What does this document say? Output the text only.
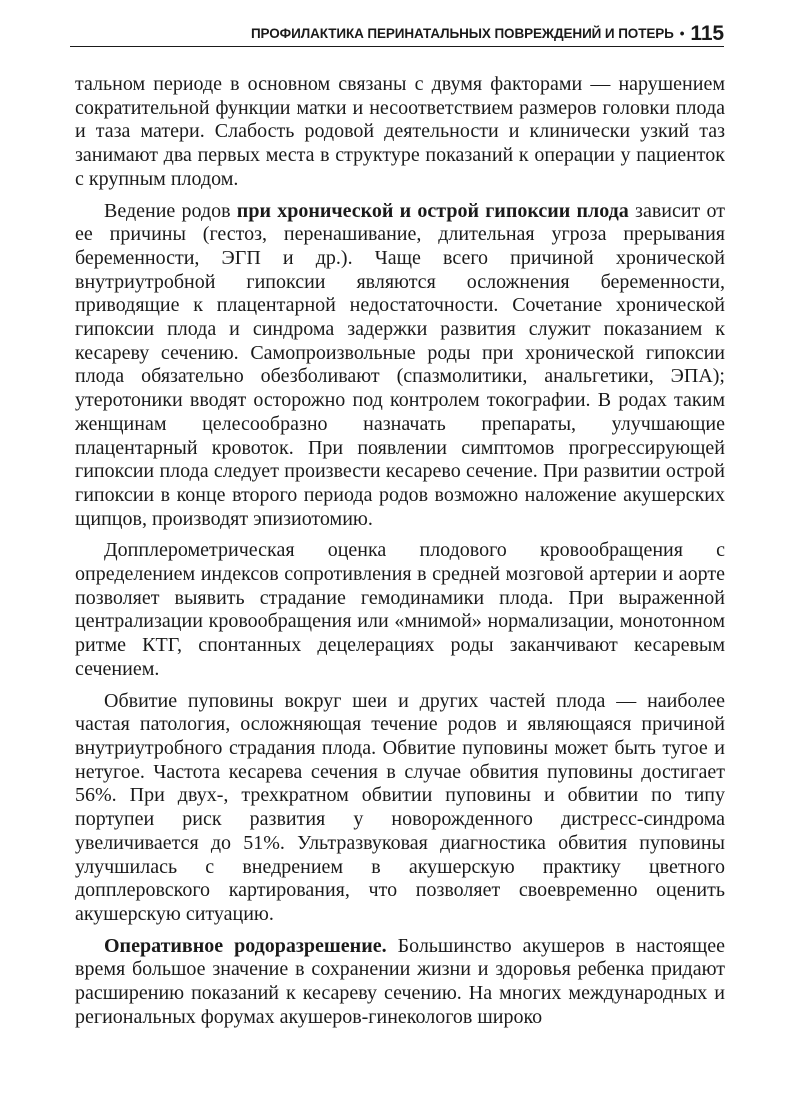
ПРОФИЛАКТИКА ПЕРИНАТАЛЬНЫХ ПОВРЕЖДЕНИЙ И ПОТЕРЬ • 115

тальном периоде в основном связаны с двумя факторами — нарушением сократительной функции матки и несоответствием размеров головки плода и таза матери. Слабость родовой деятельности и клинически узкий таз занимают два первых места в структуре показаний к операции у пациенток с крупным плодом.

Ведение родов при хронической и острой гипоксии плода зависит от ее причины (гестоз, перенашивание, длительная угроза прерывания беременности, ЭГП и др.). Чаще всего причиной хронической внутриутробной гипоксии являются осложнения беременности, приводящие к плацентарной недостаточности. Сочетание хронической гипоксии плода и синдрома задержки развития служит показанием к кесареву сечению. Самопроизвольные роды при хронической гипоксии плода обязательно обезболивают (спазмолитики, анальгетики, ЭПА); утеротоники вводят осторожно под контролем токографии. В родах таким женщинам целесообразно назначать препараты, улучшающие плацентарный кровоток. При появлении симптомов прогрессирующей гипоксии плода следует произвести кесарево сечение. При развитии острой гипоксии в конце второго периода родов возможно наложение акушерских щипцов, производят эпизиотомию.

Допплерометрическая оценка плодового кровообращения с определением индексов сопротивления в средней мозговой артерии и аорте позволяет выявить страдание гемодинамики плода. При выраженной централизации кровообращения или «мнимой» нормализации, монотонном ритме КТГ, спонтанных децелерациях роды заканчивают кесаревым сечением.

Обвитие пуповины вокруг шеи и других частей плода — наиболее частая патология, осложняющая течение родов и являющаяся причиной внутриутробного страдания плода. Обвитие пуповины может быть тугое и нетугое. Частота кесарева сечения в случае обвития пуповины достигает 56%. При двух-, трехкратном обвитии пуповины и обвитии по типу портупеи риск развития у новорожденного дистресс-синдрома увеличивается до 51%. Ультразвуковая диагностика обвития пуповины улучшилась с внедрением в акушерскую практику цветного допплеровского картирования, что позволяет своевременно оценить акушерскую ситуацию.

Оперативное родоразрешение. Большинство акушеров в настоящее время большое значение в сохранении жизни и здоровья ребенка придают расширению показаний к кесареву сечению. На многих международных и региональных форумах акушеров-гинекологов широко
